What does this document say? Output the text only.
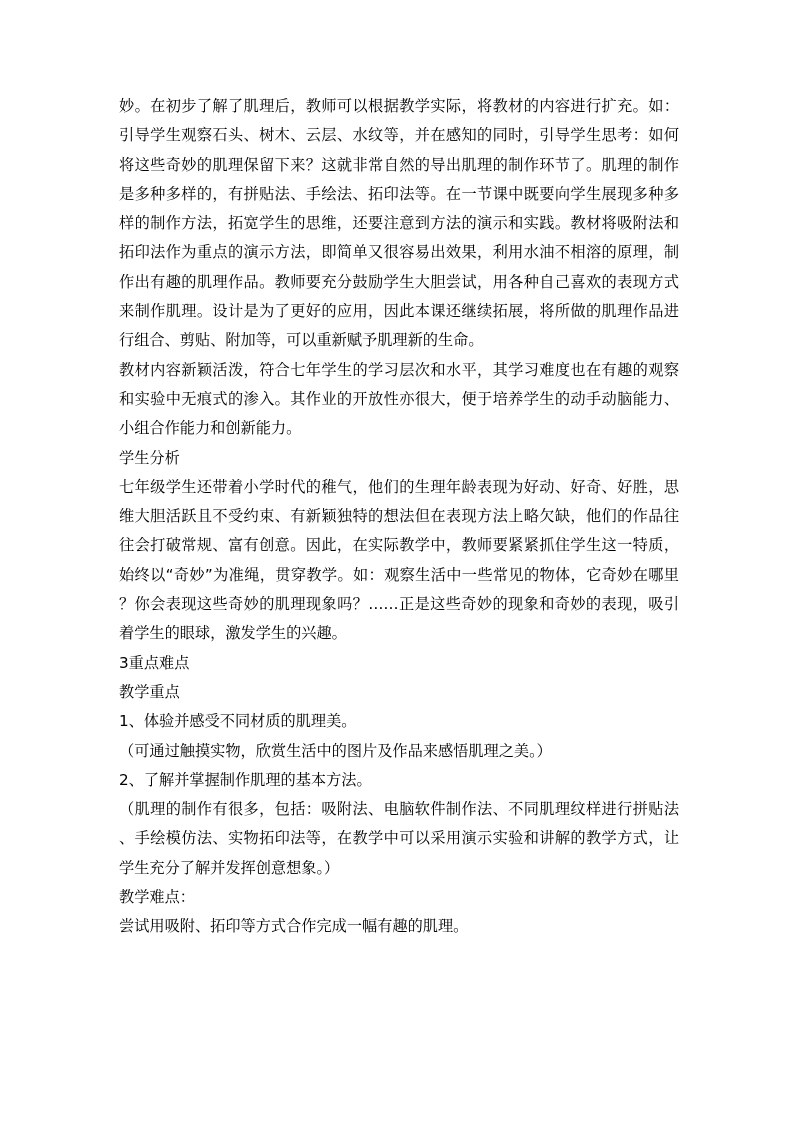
妙。在初步了解了肌理后，教师可以根据教学实际，将教材的内容进行扩充。如：引导学生观察石头、树木、云层、水纹等，并在感知的同时，引导学生思考：如何将这些奇妙的肌理保留下来？这就非常自然的导出肌理的制作环节了。肌理的制作是多种多样的，有拼贴法、手绘法、拓印法等。在一节课中既要向学生展现多种多样的制作方法，拓宽学生的思维，还要注意到方法的演示和实践。教材将吸附法和拓印法作为重点的演示方法，即简单又很容易出效果，利用水油不相溶的原理，制作出有趣的肌理作品。教师要充分鼓励学生大胆尝试，用各种自己喜欢的表现方式来制作肌理。设计是为了更好的应用，因此本课还继续拓展，将所做的肌理作品进行组合、剪贴、附加等，可以重新赋予肌理新的生命。

教材内容新颖活泼，符合七年学生的学习层次和水平，其学习难度也在有趣的观察和实验中无痕式的渗入。其作业的开放性亦很大，便于培养学生的动手动脑能力、小组合作能力和创新能力。

学生分析

七年级学生还带着小学时代的稚气，他们的生理年龄表现为好动、好奇、好胜，思维大胆活跃且不受约束、有新颖独特的想法但在表现方法上略欠缺，他们的作品往往会打破常规、富有创意。因此，在实际教学中，教师要紧紧抓住学生这一特质，始终以“奇妙”为准绳，贯穿教学。如：观察生活中一些常见的物体，它奇妙在哪里？你会表现这些奇妙的肌理现象吗？……正是这些奇妙的现象和奇妙的表现，吸引着学生的眼球，激发学生的兴趣。

3重点难点

教学重点

1、体验并感受不同材质的肌理美。

（可通过触摸实物，欣赏生活中的图片及作品来感悟肌理之美。）

2、了解并掌握制作肌理的基本方法。

（肌理的制作有很多，包括：吸附法、电脑软件制作法、不同肌理纹样进行拼贴法、手绘模仿法、实物拓印法等，在教学中可以采用演示实验和讲解的教学方式，让学生充分了解并发挥创意想象。）

教学难点：

尝试用吸附、拓印等方式合作完成一幅有趣的肌理。
